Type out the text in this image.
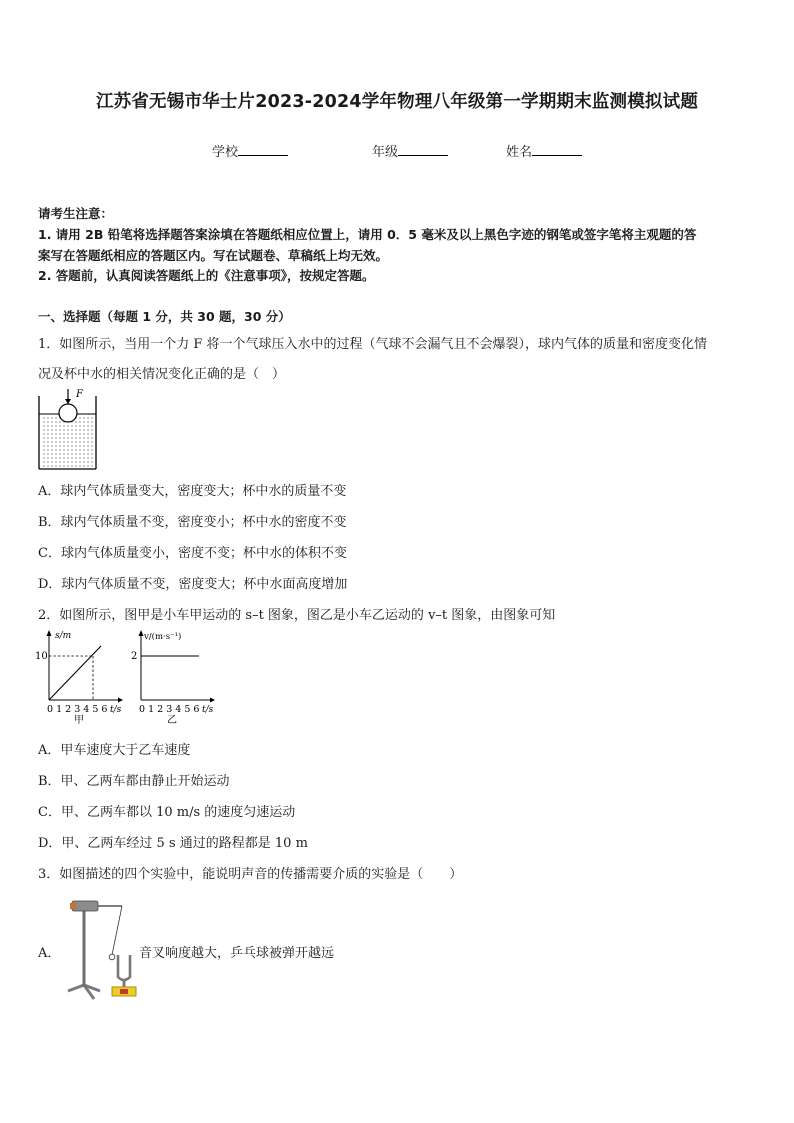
江苏省无锡市华士片2023-2024学年物理八年级第一学期期末监测模拟试题
学校	年级	姓名
请考生注意：
1. 请用 2B 铅笔将选择题答案涂填在答题纸相应位置上，请用 0．5 毫米及以上黑色字迹的钢笔或签字笔将主观题的答
案写在答题纸相应的答题区内。写在试题卷、草稿纸上均无效。
2. 答题前，认真阅读答题纸上的《注意事项》，按规定答题。
一、选择题（每题 1 分，共 30 题，30 分）
1．如图所示，当用一个力 F 将一个气球压入水中的过程（气球不会漏气且不会爆裂），球内气体的质量和密度变化情
况及杯中水的相关情况变化正确的是（　）
F
A．球内气体质量变大，密度变大；杯中水的质量不变
B．球内气体质量不变，密度变小；杯中水的密度不变
C．球内气体质量变小，密度不变；杯中水的体积不变
D．球内气体质量不变，密度变大；杯中水面高度增加
2．如图所示，图甲是小车甲运动的 s–t 图象，图乙是小车乙运动的 v–t 图象，由图象可知
s/m
10
0 1 2 3 4 5 6 t/s
甲
v/(m·s⁻¹)
2
0 1 2 3 4 5 6 t/s
乙
A．甲车速度大于乙车速度
B．甲、乙两车都由静止开始运动
C．甲、乙两车都以 10 m/s 的速度匀速运动
D．甲、乙两车经过 5 s 通过的路程都是 10 m
3．如图描述的四个实验中，能说明声音的传播需要介质的实验是（　　）
A．	音叉响度越大，乒乓球被弹开越远
